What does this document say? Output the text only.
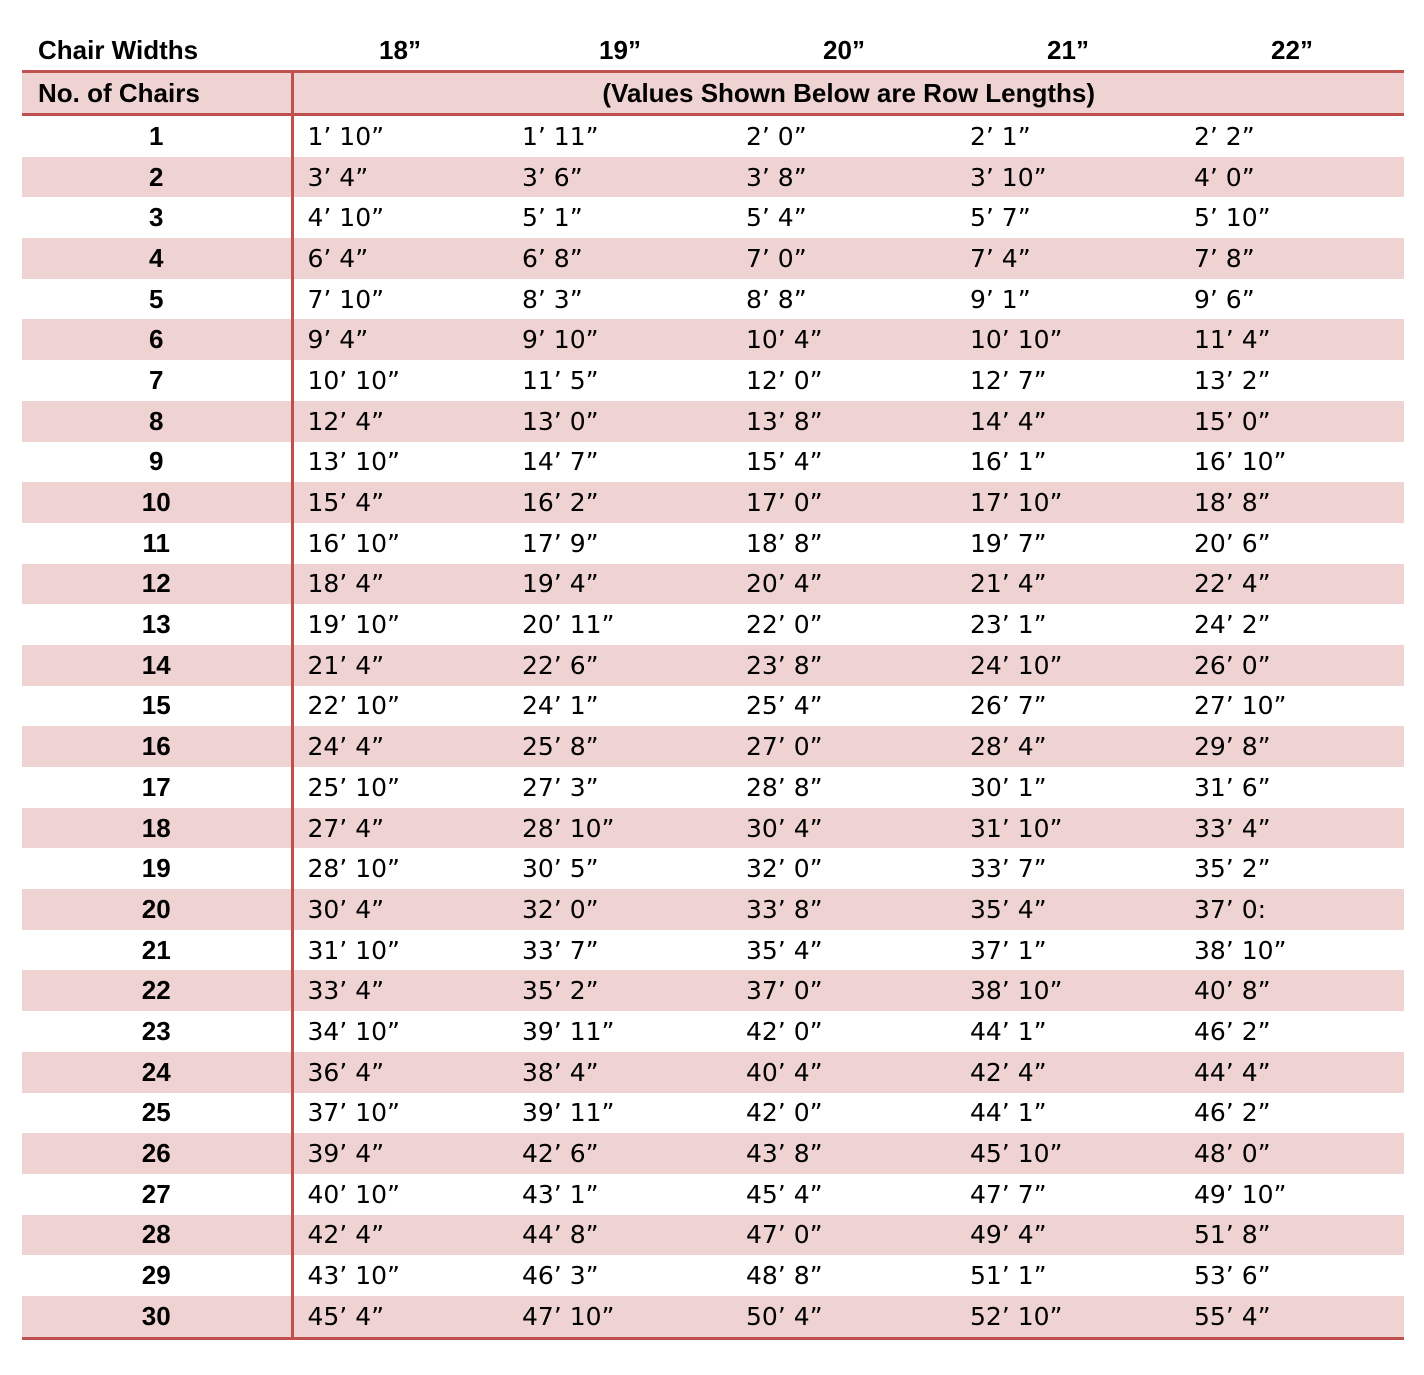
Chair Widths	18”	19”	20”	21”	22”
No. of Chairs	(Values Shown Below are Row Lengths)				
1	1’ 10”	1’ 11”	2’ 0”	2’ 1”	2’ 2”
2	3’ 4”	3’ 6”	3’ 8”	3’ 10”	4’ 0”
3	4’ 10”	5’ 1”	5’ 4”	5’ 7”	5’ 10”
4	6’ 4”	6’ 8”	7’ 0”	7’ 4”	7’ 8”
5	7’ 10”	8’ 3”	8’ 8”	9’ 1”	9’ 6”
6	9’ 4”	9’ 10”	10’ 4”	10’ 10”	11’ 4”
7	10’ 10”	11’ 5”	12’ 0”	12’ 7”	13’ 2”
8	12’ 4”	13’ 0”	13’ 8”	14’ 4”	15’ 0”
9	13’ 10”	14’ 7”	15’ 4”	16’ 1”	16’ 10”
10	15’ 4”	16’ 2”	17’ 0”	17’ 10”	18’ 8”
11	16’ 10”	17’ 9”	18’ 8”	19’ 7”	20’ 6”
12	18’ 4”	19’ 4”	20’ 4”	21’ 4”	22’ 4”
13	19’ 10”	20’ 11”	22’ 0”	23’ 1”	24’ 2”
14	21’ 4”	22’ 6”	23’ 8”	24’ 10”	26’ 0”
15	22’ 10”	24’ 1”	25’ 4”	26’ 7”	27’ 10”
16	24’ 4”	25’ 8”	27’ 0”	28’ 4”	29’ 8”
17	25’ 10”	27’ 3”	28’ 8”	30’ 1”	31’ 6”
18	27’ 4”	28’ 10”	30’ 4”	31’ 10”	33’ 4”
19	28’ 10”	30’ 5”	32’ 0”	33’ 7”	35’ 2”
20	30’ 4”	32’ 0”	33’ 8”	35’ 4”	37’ 0:
21	31’ 10”	33’ 7”	35’ 4”	37’ 1”	38’ 10”
22	33’ 4”	35’ 2”	37’ 0”	38’ 10”	40’ 8”
23	34’ 10”	39’ 11”	42’ 0”	44’ 1”	46’ 2”
24	36’ 4”	38’ 4”	40’ 4”	42’ 4”	44’ 4”
25	37’ 10”	39’ 11”	42’ 0”	44’ 1”	46’ 2”
26	39’ 4”	42’ 6”	43’ 8”	45’ 10”	48’ 0”
27	40’ 10”	43’ 1”	45’ 4”	47’ 7”	49’ 10”
28	42’ 4”	44’ 8”	47’ 0”	49’ 4”	51’ 8”
29	43’ 10”	46’ 3”	48’ 8”	51’ 1”	53’ 6”
30	45’ 4”	47’ 10”	50’ 4”	52’ 10”	55’ 4”
